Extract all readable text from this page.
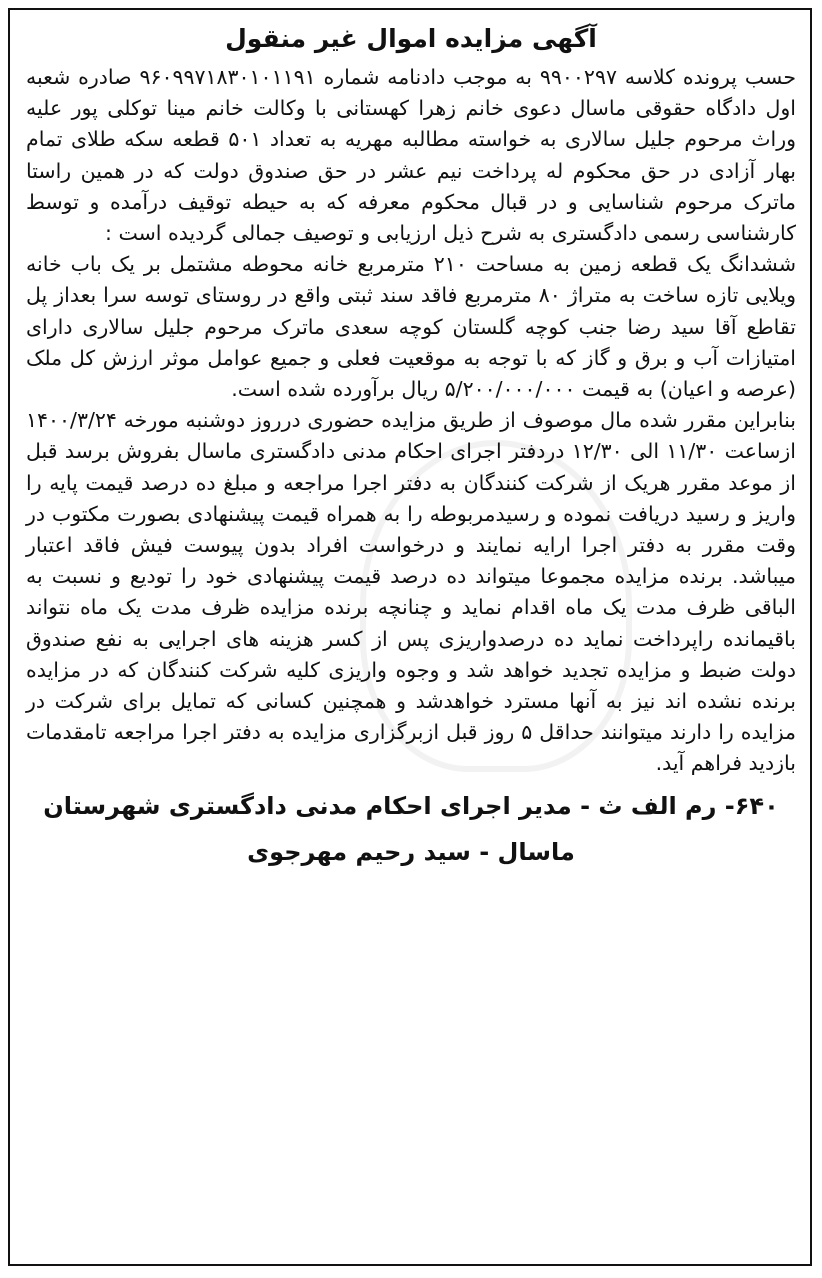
آگهی مزایده اموال غیر منقول

حسب پرونده کلاسه ۹۹۰۰۲۹۷ به موجب دادنامه شماره ۹۶۰۹۹۷۱۸۳۰۱۰۱۱۹۱ صادره شعبه اول دادگاه حقوقی ماسال دعوی خانم زهرا کهستانی با وکالت خانم مینا توکلی پور علیه وراث مرحوم جلیل سالاری به خواسته مطالبه مهریه به تعداد ۵۰۱ قطعه سکه طلای تمام بهار آزادی در حق محکوم له پرداخت نیم عشر در حق صندوق دولت که در همین راستا ماترک مرحوم شناسایی و در قبال محکوم معرفه که به حیطه توقیف درآمده و توسط کارشناسی رسمی دادگستری به شرح ذیل ارزیابی و توصیف جمالی گردیده است :

ششدانگ یک قطعه زمین به مساحت ۲۱۰ مترمربع خانه محوطه مشتمل بر یک باب خانه ویلایی تازه ساخت به متراژ ۸۰ مترمربع فاقد سند ثبتی واقع در روستای توسه سرا بعداز پل تقاطع آقا سید رضا جنب کوچه گلستان کوچه سعدی ماترک مرحوم جلیل سالاری دارای امتیازات آب و برق و گاز که با توجه به موقعیت فعلی و جمیع عوامل موثر ارزش کل ملک (عرصه و اعیان) به قیمت ۵/۲۰۰/۰۰۰/۰۰۰ ریال برآورده شده است.

بنابراین مقرر شده مال موصوف از طریق مزایده حضوری درروز دوشنبه مورخه ۱۴۰۰/۳/۲۴ ازساعت ۱۱/۳۰ الی ۱۲/۳۰ دردفتر اجرای احکام مدنی دادگستری ماسال بفروش برسد قبل از موعد مقرر هریک از شرکت کنندگان به دفتر اجرا مراجعه و مبلغ ده درصد قیمت پایه را واریز و رسید دریافت نموده و رسیدمربوطه را به همراه قیمت پیشنهادی بصورت مکتوب در وقت مقرر به دفتر اجرا ارایه نمایند و درخواست افراد بدون پیوست فیش فاقد اعتبار میباشد. برنده مزایده مجموعا میتواند ده درصد قیمت پیشنهادی خود را تودیع و نسبت به الباقی ظرف مدت یک ماه اقدام نماید و چنانچه برنده مزایده ظرف مدت یک ماه نتواند باقیمانده راپرداخت نماید ده درصدواریزی پس از کسر هزینه های اجرایی به نفع صندوق دولت ضبط و مزایده تجدید خواهد شد و وجوه واریزی کلیه شرکت کنندگان که در مزایده برنده نشده اند نیز به آنها مسترد خواهدشد و همچنین کسانی که تمایل برای شرکت در مزایده را دارند میتوانند حداقل ۵ روز قبل ازبرگزاری مزایده به دفتر اجرا مراجعه تامقدمات بازدید فراهم آید.

۶۴۰- رم الف ث - مدیر اجرای احکام مدنی دادگستری شهرستان
ماسال - سید رحیم مهرجوی
